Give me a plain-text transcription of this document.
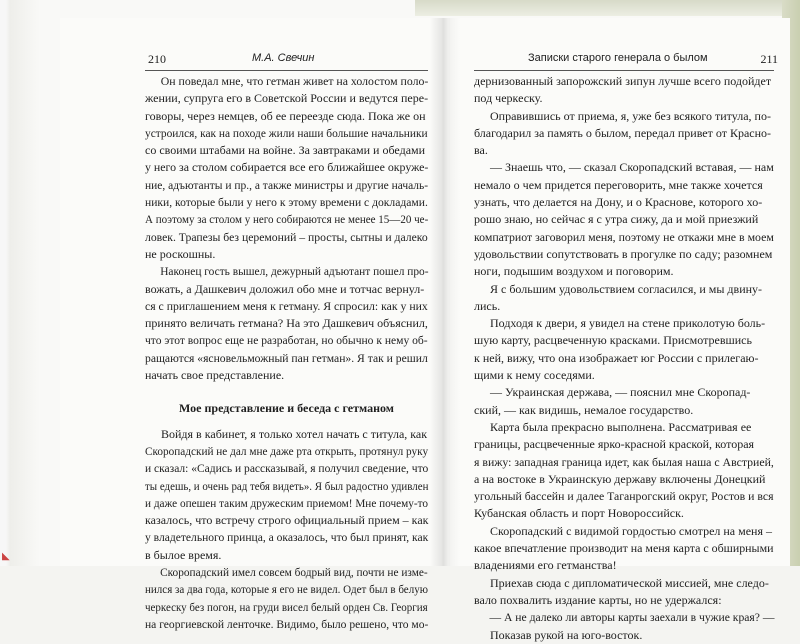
210	М.А. Свечин	Записки старого генерала о былом	211
Он поведал мне, что гетман живет на холостом поло-
жении, супруга его в Советской России и ведутся пере-
говоры, через немцев, об ее переезде сюда. Пока же он
устроился, как на походе жили наши большие начальники
со своими штабами на войне. За завтраками и обедами
у него за столом собирается все его ближайшее окруже-
ние, адъютанты и пр., а также министры и другие началь-
ники, которые были у него к этому времени с докладами.
А поэтому за столом у него собираются не менее 15—20 че-
ловек. Трапезы без церемоний – просты, сытны и далеко
не роскошны.
Наконец гость вышел, дежурный адъютант пошел про-
вожать, а Дашкевич доложил обо мне и тотчас вернул-
ся с приглашением меня к гетману. Я спросил: как у них
принято величать гетмана? На это Дашкевич объяснил,
что этот вопрос еще не разработан, но обычно к нему об-
ращаются «ясновельможный пан гетман». Я так и решил
начать свое представление.
Мое представление и беседа с гетманом
Войдя в кабинет, я только хотел начать с титула, как
Скоропадский не дал мне даже рта открыть, протянул руку
и сказал: «Садись и рассказывай, я получил сведение, что
ты едешь, и очень рад тебя видеть». Я был радостно удивлен
и даже опешен таким дружеским приемом! Мне почему-то
казалось, что встречу строго официальный прием – как
у владетельного принца, а оказалось, что был принят, как
в былое время.
Скоропадский имел совсем бодрый вид, почти не изме-
нился за два года, которые я его не видел. Одет был в белую
черкеску без погон, на груди висел белый орден Св. Георгия
на георгиевской ленточке. Видимо, было решено, что мо-
дернизованный запорожский зипун лучше всего подойдет
под черкеску.
Оправившись от приема, я, уже без всякого титула, по-
благодарил за память о былом, передал привет от Красно-
ва.
— Знаешь что, — сказал Скоропадский вставая, — нам
немало о чем придется переговорить, мне также хочется
узнать, что делается на Дону, и о Краснове, которого хо-
рошо знаю, но сейчас я с утра сижу, да и мой приезжий
компатриот заговорил меня, поэтому не откажи мне в моем
удовольствии сопутствовать в прогулке по саду; разомнем
ноги, подышим воздухом и поговорим.
Я с большим удовольствием согласился, и мы двину-
лись.
Подходя к двери, я увидел на стене приколотую боль-
шую карту, расцвеченную красками. Присмотревшись
к ней, вижу, что она изображает юг России с прилегаю-
щими к нему соседями.
— Украинская держава, — пояснил мне Скоропад-
ский, — как видишь, немалое государство.
Карта была прекрасно выполнена. Рассматривая ее
границы, расцвеченные ярко-красной краской, которая
я вижу: западная граница идет, как былая наша с Австрией,
а на востоке в Украинскую державу включены Донецкий
угольный бассейн и далее Таганрогский округ, Ростов и вся
Кубанская область и порт Новороссийск.
Скоропадский с видимой гордостью смотрел на меня –
какое впечатление производит на меня карта с обширными
владениями его гетманства!
Приехав сюда с дипломатической миссией, мне следо-
вало похвалить издание карты, но не удержался:
— А не далеко ли авторы карты заехали в чужие края? —
Показав рукой на юго-восток.
◣
